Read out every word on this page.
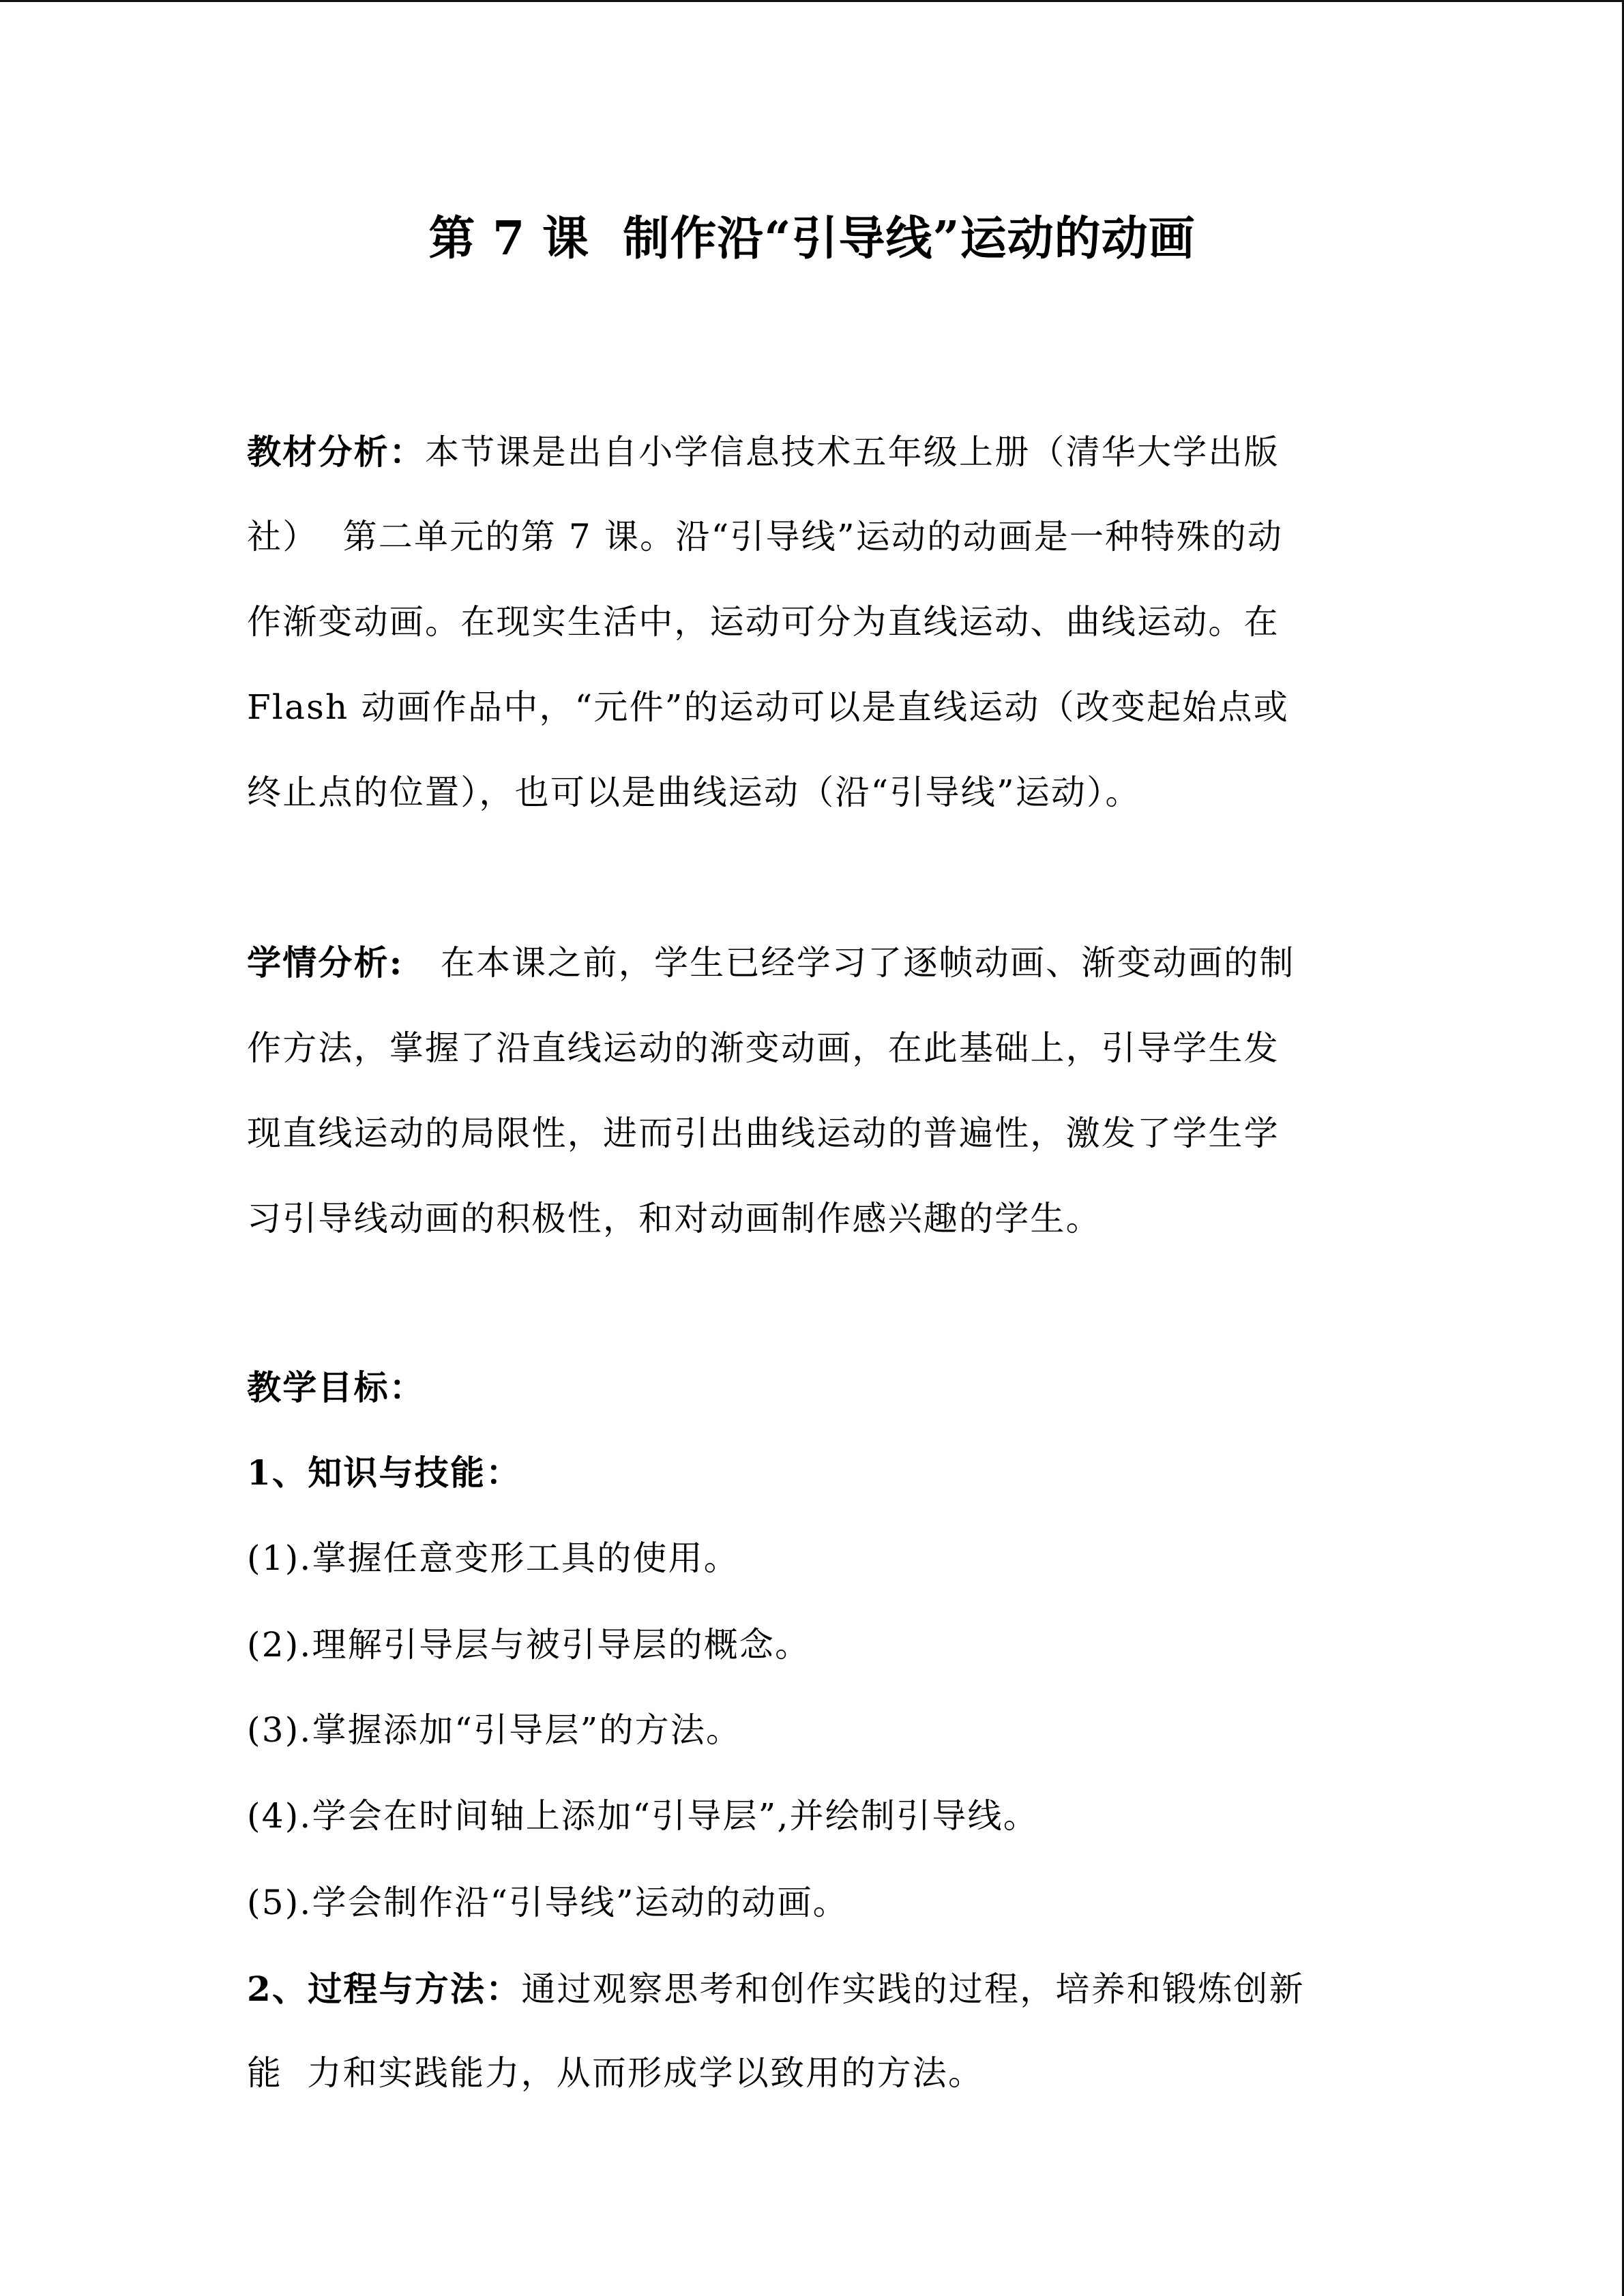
第 7 课  制作沿“引导线”运动的动画
教材分析：本节课是出自小学信息技术五年级上册（清华大学出版
社）  第二单元的第 7 课。沿“引导线”运动的动画是一种特殊的动
作渐变动画。在现实生活中，运动可分为直线运动、曲线运动。在
Flash 动画作品中，“元件”的运动可以是直线运动（改变起始点或
终止点的位置），也可以是曲线运动（沿“引导线”运动）。
学情分析:   在本课之前，学生已经学习了逐帧动画、渐变动画的制
作方法，掌握了沿直线运动的渐变动画，在此基础上，引导学生发
现直线运动的局限性，进而引出曲线运动的普遍性，激发了学生学
习引导线动画的积极性，和对动画制作感兴趣的学生。
教学目标：
1、知识与技能：
(1).掌握任意变形工具的使用。
(2).理解引导层与被引导层的概念。
(3).掌握添加“引导层”的方法。
(4).学会在时间轴上添加“引导层”,并绘制引导线。
(5).学会制作沿“引导线”运动的动画。
2、过程与方法：通过观察思考和创作实践的过程，培养和锻炼创新
能  力和实践能力，从而形成学以致用的方法。
